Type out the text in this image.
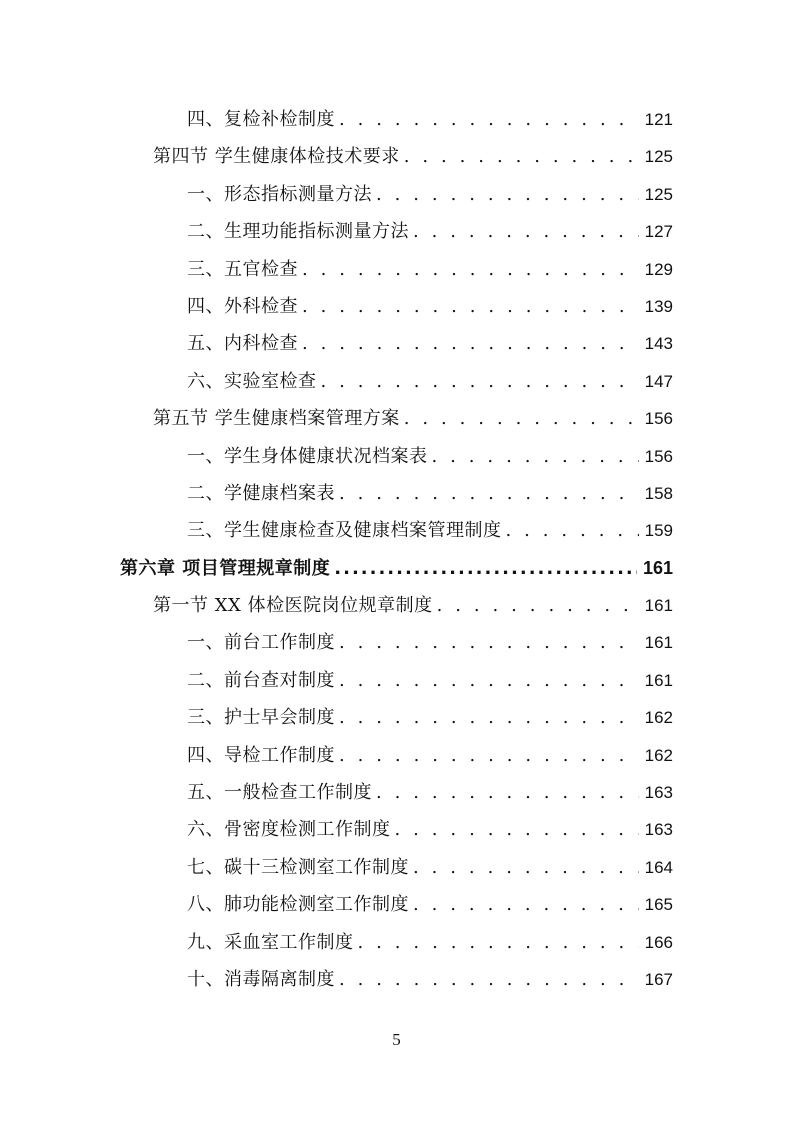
四、复检补检制度 . . .	121
第四节 学生健康体检技术要求 . . .	125
一、形态指标测量方法 . . .	125
二、生理功能指标测量方法 . . .	127
三、五官检查 . . .	129
四、外科检查 . . .	139
五、内科检查 . . .	143
六、实验室检查 . . .	147
第五节 学生健康档案管理方案 . . .	156
一、学生身体健康状况档案表 . . .	156
二、学健康档案表 . . .	158
三、学生健康检查及健康档案管理制度 . . .	159
第六章 项目管理规章制度 .....	161
第一节 XX 体检医院岗位规章制度 . . .	161
一、前台工作制度 . . .	161
二、前台查对制度 . . .	161
三、护士早会制度 . . .	162
四、导检工作制度 . . .	162
五、一般检查工作制度 . . .	163
六、骨密度检测工作制度 . . .	163
七、碳十三检测室工作制度 . . .	164
八、肺功能检测室工作制度 . . .	165
九、采血室工作制度 . . .	166
十、消毒隔离制度 . . .	167
5
